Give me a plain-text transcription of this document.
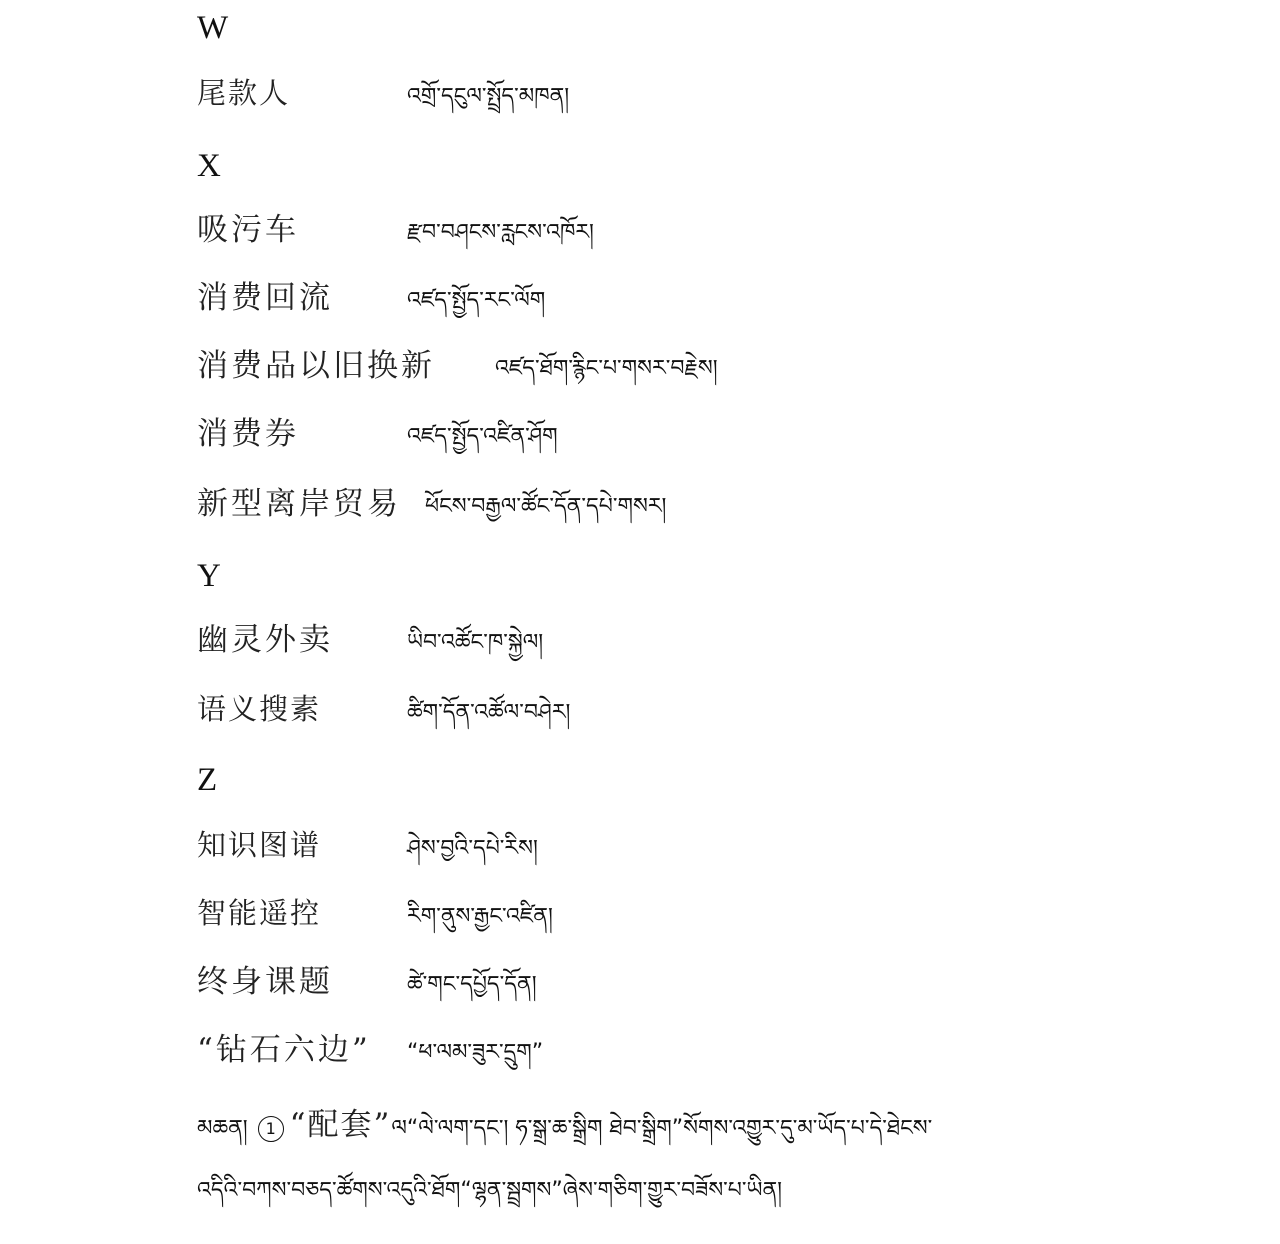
W
尾款人	འགྲོ་དངུལ་སྤྲོད་མཁན།
X
吸污车	རྫབ་བཤངས་རླངས་འཁོར།
消费回流	འཛད་སྤྱོད་རང་ལོག
消费品以旧换新	འཛད་ཐོག་རྙིང་པ་གསར་བརྗེས།
消费券	འཛད་སྤྱོད་འཛིན་ཤོག
新型离岸贸易 ཕོངས་བརྒྱལ་ཚོང་དོན་དཔེ་གསར།
Y
幽灵外卖	ཡིབ་འཚོང་ཁ་སྐྱེལ།
语义搜素	ཚིག་དོན་འཚོལ་བཤེར།
Z
知识图谱	ཤེས་བྱའི་དཔེ་རིས།
智能遥控	རིག་ནུས་རྒྱང་འཛིན།
终身课题	ཚེ་གང་དཔྱོད་དོན།
“钻石六边” “ཕ་ལམ་ཟུར་དྲུག”
མཆན། 1 “配套”ལ“ལེ་ལག་དང་། ཧ་སྒྲ་ཆ་སྒྲིག ཐེབ་སྒྲིག”སོགས་འགྱུར་དུ་མ་ཡོད་པ་དེ་ཐེངས་
འདིའི་བཀས་བཅད་ཚོགས་འདུའི་ཐོག“ལྷན་སྦྲགས”ཞེས་གཅིག་གྱུར་བཟོས་པ་ཡིན།
